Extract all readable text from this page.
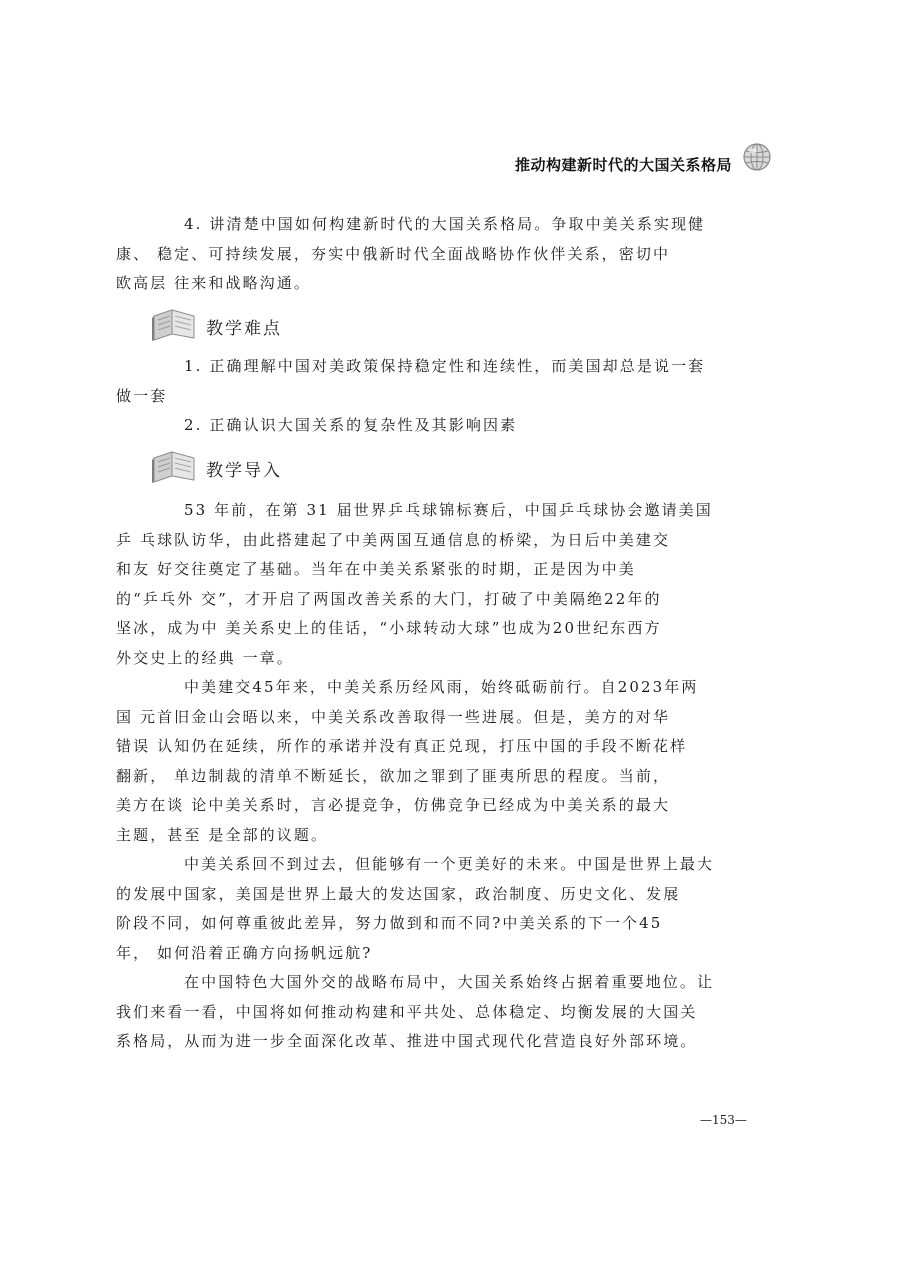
推动构建新时代的大国关系格局
4. 讲清楚中国如何构建新时代的大国关系格局。争取中美关系实现健
康、 稳定、可持续发展，夯实中俄新时代全面战略协作伙伴关系，密切中
欧高层 往来和战略沟通。
教学难点
1. 正确理解中国对美政策保持稳定性和连续性，而美国却总是说一套
做一套
2. 正确认识大国关系的复杂性及其影响因素
教学导入
53 年前，在第 31 届世界乒乓球锦标赛后，中国乒乓球协会邀请美国
乒 乓球队访华，由此搭建起了中美两国互通信息的桥梁，为日后中美建交
和友 好交往奠定了基础。当年在中美关系紧张的时期，正是因为中美
的“乒乓外 交”，才开启了两国改善关系的大门，打破了中美隔绝22年的
坚冰，成为中 美关系史上的佳话，“小球转动大球”也成为20世纪东西方
外交史上的经典 一章。
中美建交45年来，中美关系历经风雨，始终砥砺前行。自2023年两
国 元首旧金山会晤以来，中美关系改善取得一些进展。但是，美方的对华
错误 认知仍在延续，所作的承诺并没有真正兑现，打压中国的手段不断花样
翻新， 单边制裁的清单不断延长，欲加之罪到了匪夷所思的程度。当前，
美方在谈 论中美关系时，言必提竞争，仿佛竞争已经成为中美关系的最大
主题，甚至 是全部的议题。
中美关系回不到过去，但能够有一个更美好的未来。中国是世界上最大
的发展中国家，美国是世界上最大的发达国家，政治制度、历史文化、发展
阶段不同，如何尊重彼此差异，努力做到和而不同?中美关系的下一个45
年， 如何沿着正确方向扬帆远航?
在中国特色大国外交的战略布局中，大国关系始终占据着重要地位。让
我们来看一看，中国将如何推动构建和平共处、总体稳定、均衡发展的大国关
系格局，从而为进一步全面深化改革、推进中国式现代化营造良好外部环境。
—153—
